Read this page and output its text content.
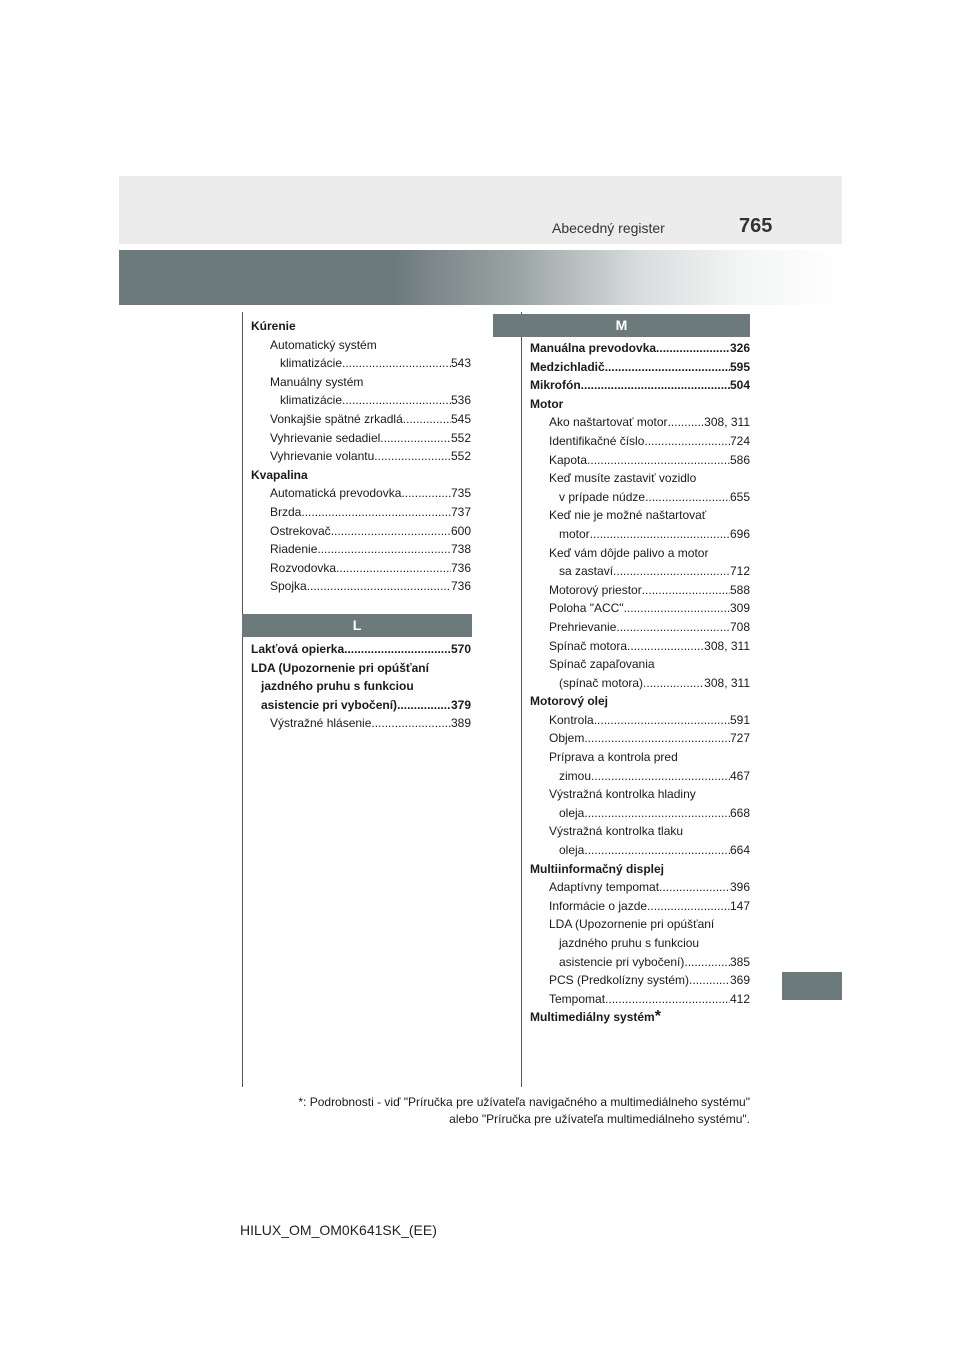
Abecedný register	765
Kúrenie
Automatický systém
klimatizácie .....	543
Manuálny systém
klimatizácie .....	536
Vonkajšie spätné zrkadlá .....	545
Vyhrievanie sedadiel .....	552
Vyhrievanie volantu .....	552
Kvapalina
Automatická prevodovka .....	735
Brzda .....	737
Ostrekovač .....	600
Riadenie .....	738
Rozvodovka .....	736
Spojka .....	736
L
Lakťová opierka .....	570
LDA (Upozornenie pri opúšťaní
jazdného pruhu s funkciou
asistencie pri vybočení) .....	379
Výstražné hlásenie .....	389
M
Manuálna prevodovka .....	326
Medzichladič .....	595
Mikrofón .....	504
Motor
Ako naštartovať motor .....	308, 311
Identifikačné číslo .....	724
Kapota .....	586
Keď musíte zastaviť vozidlo
v prípade núdze .....	655
Keď nie je možné naštartovať
motor .....	696
Keď vám dôjde palivo a motor
sa zastaví .....	712
Motorový priestor .....	588
Poloha "ACC" .....	309
Prehrievanie .....	708
Spínač motora .....	308, 311
Spínač zapaľovania
(spínač motora) .....	308, 311
Motorový olej
Kontrola .....	591
Objem .....	727
Príprava a kontrola pred
zimou .....	467
Výstražná kontrolka hladiny
oleja .....	668
Výstražná kontrolka tlaku
oleja .....	664
Multiinformačný displej
Adaptívny tempomat .....	396
Informácie o jazde .....	147
LDA (Upozornenie pri opúšťaní
jazdného pruhu s funkciou
asistencie pri vybočení) .....	385
PCS (Predkolízny systém) .....	369
Tempomat .....	412
Multimediálny systém *
*: Podrobnosti - viď "Príručka pre užívateľa navigačného a multimediálneho systému"
alebo "Príručka pre užívateľa multimediálneho systému".
HILUX_OM_OM0K641SK_(EE)
